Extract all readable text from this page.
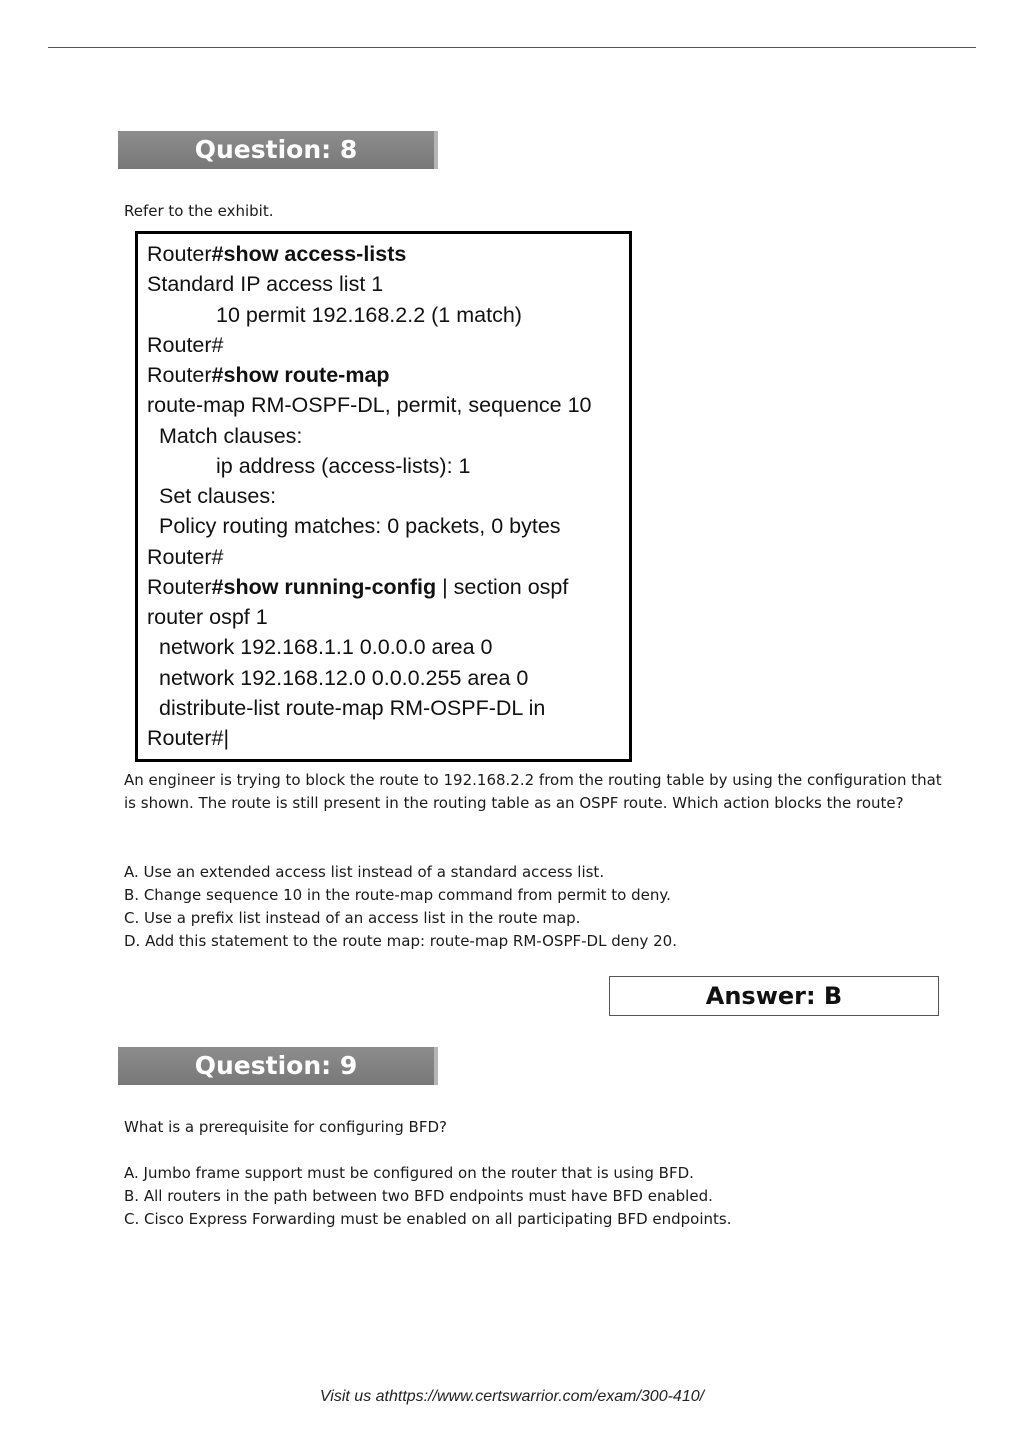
Question: 8

Refer to the exhibit.

Router#show access-lists
Standard IP access list 1
10 permit 192.168.2.2 (1 match)
Router#
Router#show route-map
route-map RM-OSPF-DL, permit, sequence 10
Match clauses:
ip address (access-lists): 1
Set clauses:
Policy routing matches: 0 packets, 0 bytes
Router#
Router#show running-config | section ospf
router ospf 1
network 192.168.1.1 0.0.0.0 area 0
network 192.168.12.0 0.0.0.255 area 0
distribute-list route-map RM-OSPF-DL in
Router#|

An engineer is trying to block the route to 192.168.2.2 from the routing table by using the configuration that is shown. The route is still present in the routing table as an OSPF route. Which action blocks the route?

A. Use an extended access list instead of a standard access list.
B. Change sequence 10 in the route-map command from permit to deny.
C. Use a prefix list instead of an access list in the route map.
D. Add this statement to the route map: route-map RM-OSPF-DL deny 20.
Answer: B
Question: 9

What is a prerequisite for configuring BFD?

A. Jumbo frame support must be configured on the router that is using BFD.
B. All routers in the path between two BFD endpoints must have BFD enabled.
C. Cisco Express Forwarding must be enabled on all participating BFD endpoints.
Visit us athttps://www.certswarrior.com/exam/300-410/
